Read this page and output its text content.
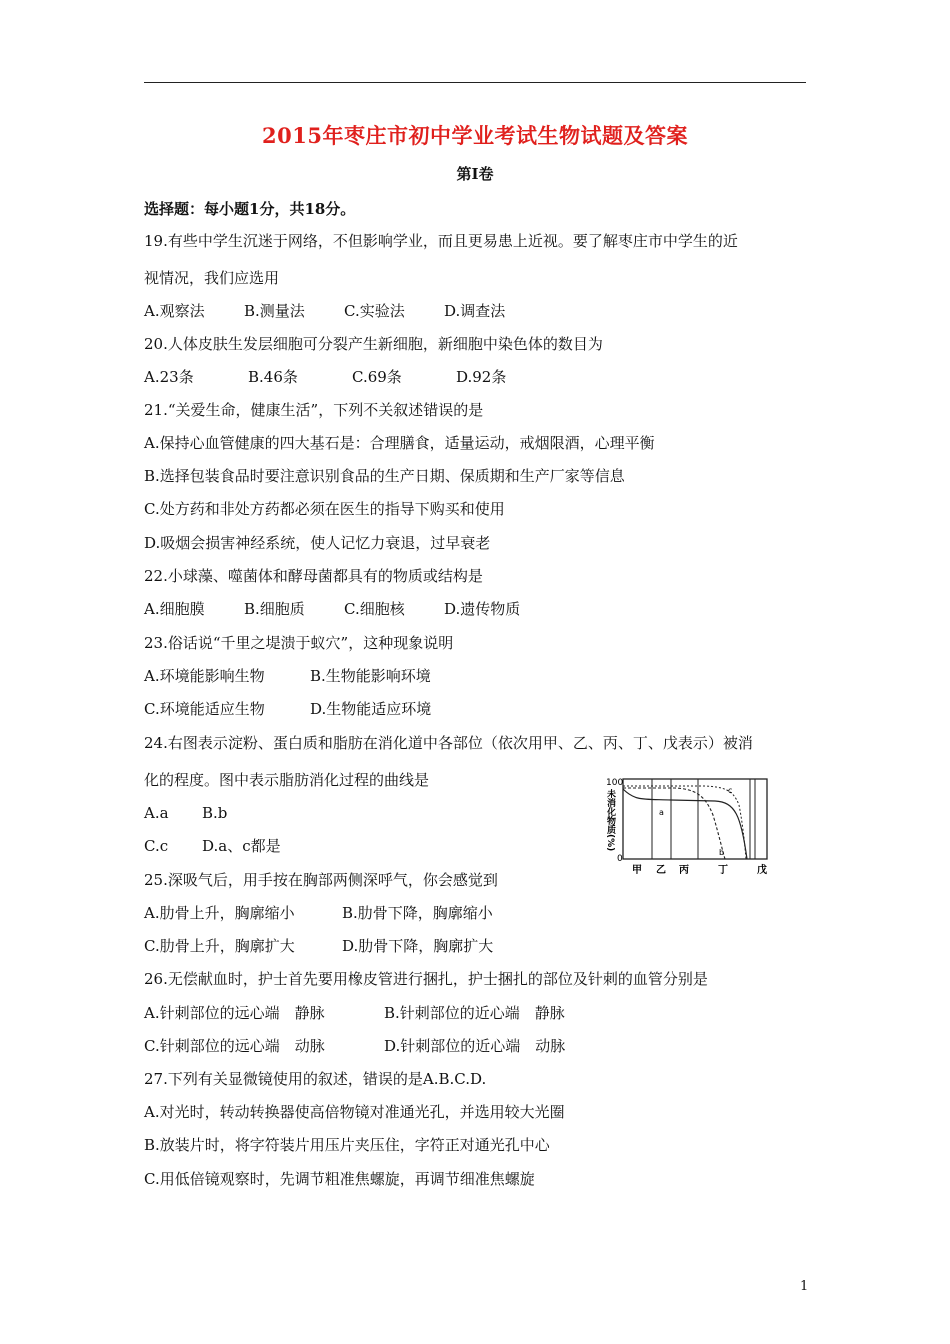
2015年枣庄市初中学业考试生物试题及答案
第Ⅰ卷
选择题：每小题1分，共18分。
19.有些中学生沉迷于网络，不但影响学业，而且更易患上近视。要了解枣庄市中学生的近
视情况，我们应选用
A.观察法	B.测量法	C.实验法	D.调查法
20.人体皮肤生发层细胞可分裂产生新细胞，新细胞中染色体的数目为
A.23条	B.46条	C.69条	D.92条
21.“关爱生命，健康生活”，下列不关叙述错误的是
A.保持心血管健康的四大基石是：合理膳食，适量运动，戒烟限酒，心理平衡
B.选择包装食品时要注意识别食品的生产日期、保质期和生产厂家等信息
C.处方药和非处方药都必须在医生的指导下购买和使用
D.吸烟会损害神经系统，使人记忆力衰退，过早衰老
22.小球藻、噬菌体和酵母菌都具有的物质或结构是
A.细胞膜	B.细胞质	C.细胞核	D.遗传物质
23.俗话说“千里之堤溃于蚁穴”，这种现象说明
A.环境能影响生物	B.生物能影响环境
C.环境能适应生物	D.生物能适应环境
24.右图表示淀粉、蛋白质和脂肪在消化道中各部位（依次用甲、乙、丙、丁、戊表示）被消
化的程度。图中表示脂肪消化过程的曲线是
A.a B.b
C.c D.a、c都是
100
0
未消化物质(%)	a
b
c
甲 乙 丙	丁	戊
25.深吸气后，用手按在胸部两侧深呼气，你会感觉到
A.肋骨上升，胸廓缩小	B.肋骨下降，胸廓缩小
C.肋骨上升，胸廓扩大	D.肋骨下降，胸廓扩大
26.无偿献血时，护士首先要用橡皮管进行捆扎，护士捆扎的部位及针刺的血管分别是
A.针刺部位的远心端　静脉	B.针刺部位的近心端　静脉
C.针刺部位的远心端　动脉	D.针刺部位的近心端　动脉
27.下列有关显微镜使用的叙述，错误的是A.B.C.D.
A.对光时，转动转换器使高倍物镜对准通光孔，并选用较大光圈
B.放装片时，将字符装片用压片夹压住，字符正对通光孔中心
C.用低倍镜观察时，先调节粗准焦螺旋，再调节细准焦螺旋
1
